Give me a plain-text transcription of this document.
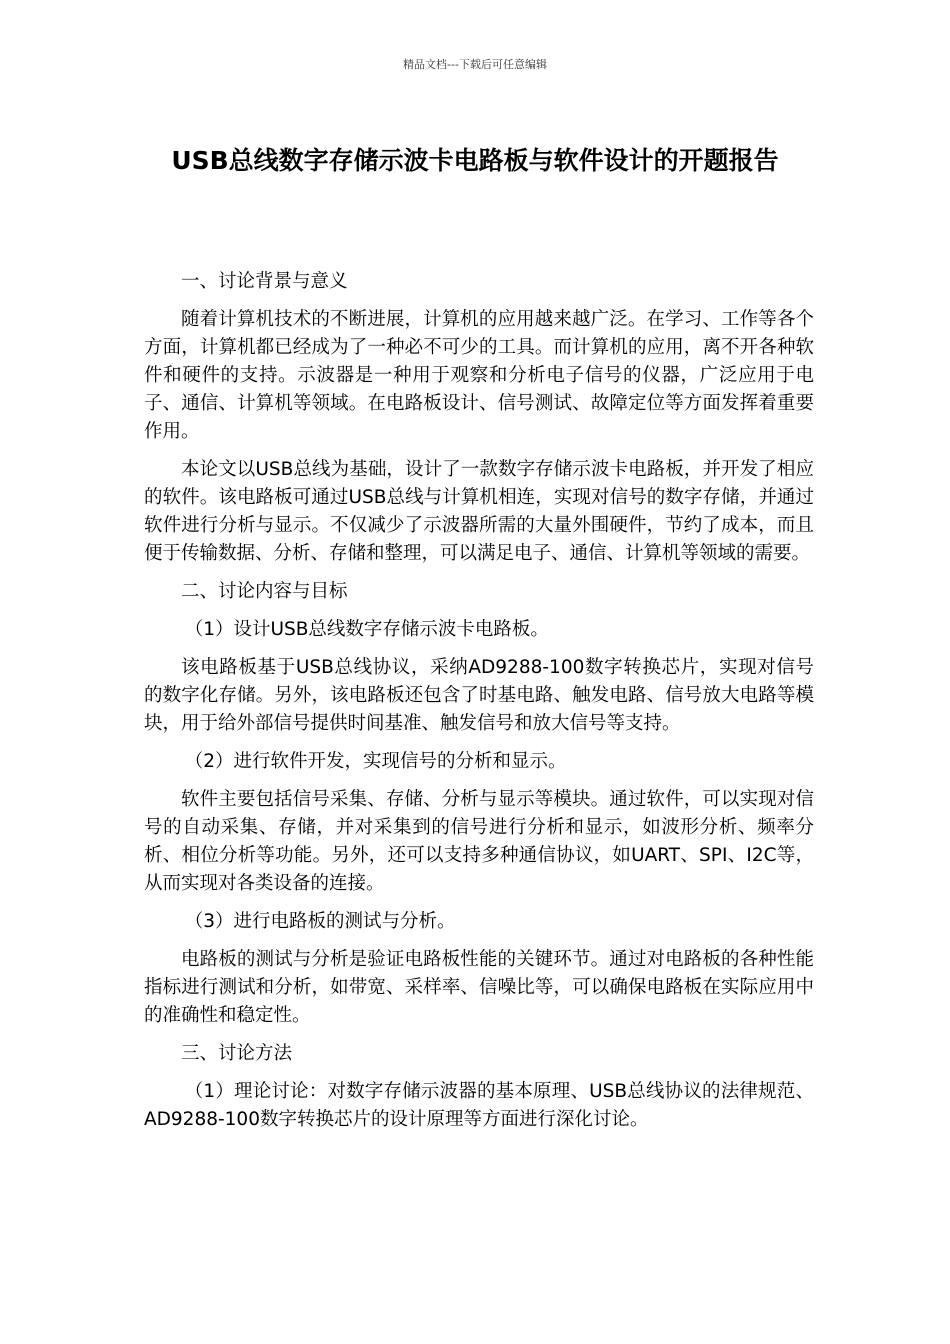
精品文档---下载后可任意编辑
USB总线数字存储示波卡电路板与软件设计的开题报告

一、讨论背景与意义

随着计算机技术的不断进展，计算机的应用越来越广泛。在学习、工作等各个方面，计算机都已经成为了一种必不可少的工具。而计算机的应用，离不开各种软件和硬件的支持。示波器是一种用于观察和分析电子信号的仪器，广泛应用于电子、通信、计算机等领域。在电路板设计、信号测试、故障定位等方面发挥着重要作用。

本论文以USB总线为基础，设计了一款数字存储示波卡电路板，并开发了相应的软件。该电路板可通过USB总线与计算机相连，实现对信号的数字存储，并通过软件进行分析与显示。不仅减少了示波器所需的大量外围硬件，节约了成本，而且便于传输数据、分析、存储和整理，可以满足电子、通信、计算机等领域的需要。

二、讨论内容与目标

（1）设计USB总线数字存储示波卡电路板。

该电路板基于USB总线协议，采纳AD9288-100数字转换芯片，实现对信号的数字化存储。另外，该电路板还包含了时基电路、触发电路、信号放大电路等模块，用于给外部信号提供时间基准、触发信号和放大信号等支持。

（2）进行软件开发，实现信号的分析和显示。

软件主要包括信号采集、存储、分析与显示等模块。通过软件，可以实现对信号的自动采集、存储，并对采集到的信号进行分析和显示，如波形分析、频率分析、相位分析等功能。另外，还可以支持多种通信协议，如UART、SPI、I2C等，从而实现对各类设备的连接。

（3）进行电路板的测试与分析。

电路板的测试与分析是验证电路板性能的关键环节。通过对电路板的各种性能指标进行测试和分析，如带宽、采样率、信噪比等，可以确保电路板在实际应用中的准确性和稳定性。

三、讨论方法

（1）理论讨论：对数字存储示波器的基本原理、USB总线协议的法律规范、AD9288-100数字转换芯片的设计原理等方面进行深化讨论。
